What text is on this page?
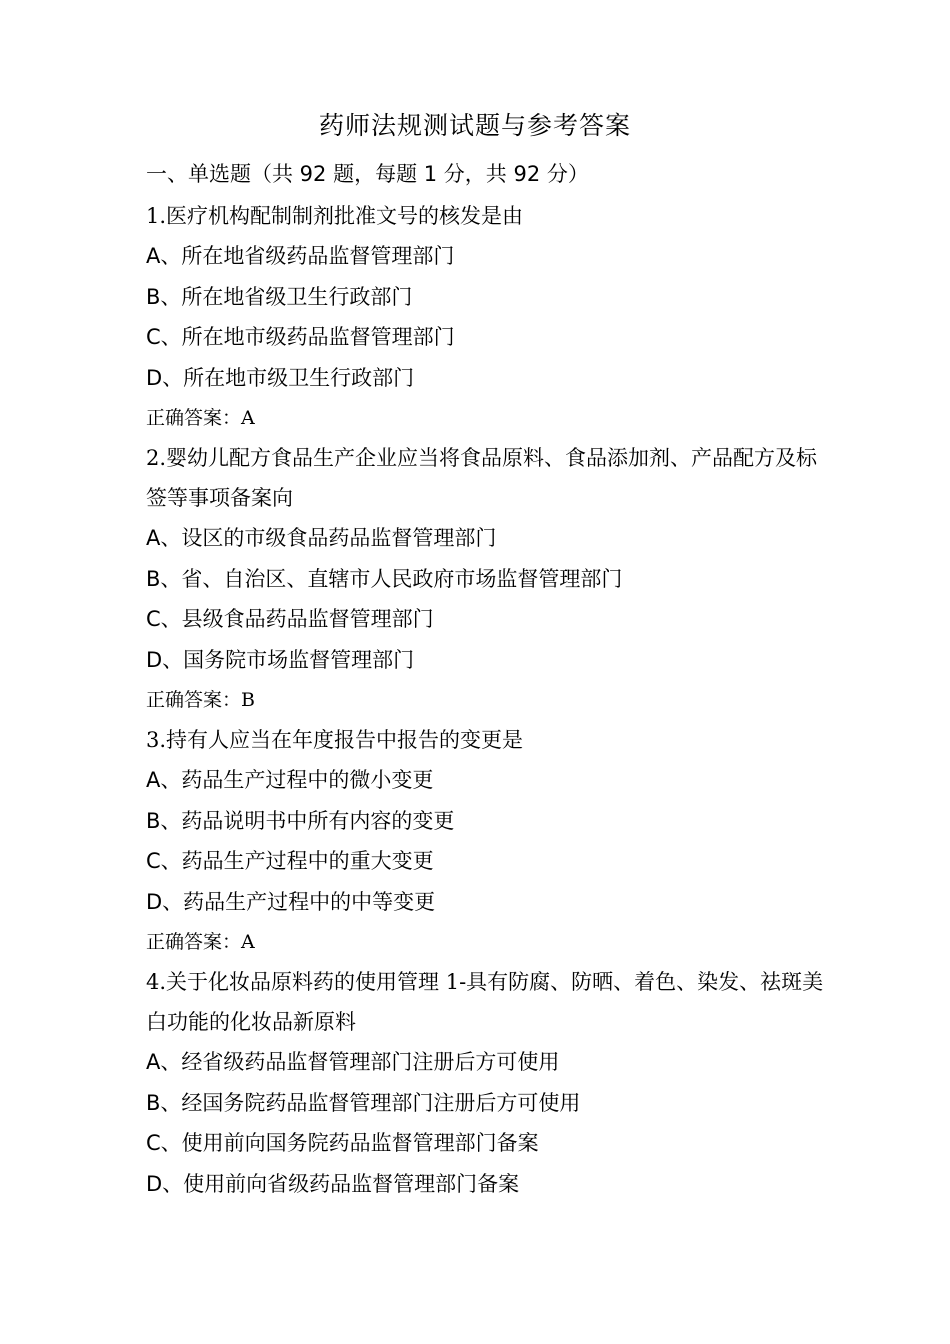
药师法规测试题与参考答案
一、单选题（共 92 题，每题 1 分，共 92 分）

1.医疗机构配制制剂批准文号的核发是由

A、所在地省级药品监督管理部门

B、所在地省级卫生行政部门

C、所在地市级药品监督管理部门

D、所在地市级卫生行政部门

正确答案：A

2.婴幼儿配方食品生产企业应当将食品原料、食品添加剂、产品配方及标签等事项备案向

A、设区的市级食品药品监督管理部门

B、省、自治区、直辖市人民政府市场监督管理部门

C、县级食品药品监督管理部门

D、国务院市场监督管理部门

正确答案：B

3.持有人应当在年度报告中报告的变更是

A、药品生产过程中的微小变更

B、药品说明书中所有内容的变更

C、药品生产过程中的重大变更

D、药品生产过程中的中等变更

正确答案：A

4.关于化妆品原料药的使用管理 1-具有防腐、防晒、着色、染发、祛斑美白功能的化妆品新原料

A、经省级药品监督管理部门注册后方可使用

B、经国务院药品监督管理部门注册后方可使用

C、使用前向国务院药品监督管理部门备案

D、使用前向省级药品监督管理部门备案
